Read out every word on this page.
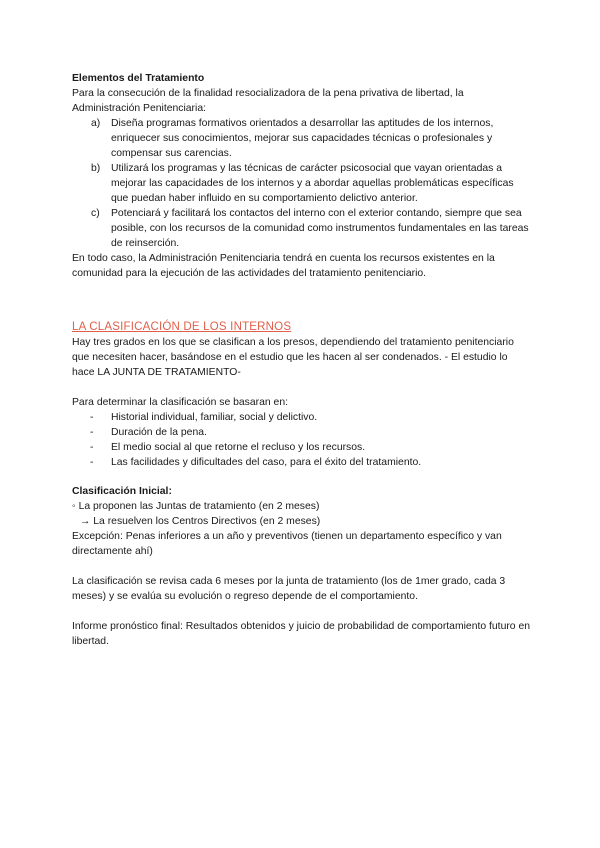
Elementos del Tratamiento

Para la consecución de la finalidad resocializadora de la pena privativa de libertad, la Administración Penitenciaria:

a) Diseña programas formativos orientados a desarrollar las aptitudes de los internos, enriquecer sus conocimientos, mejorar sus capacidades técnicas o profesionales y compensar sus carencias.
b) Utilizará los programas y las técnicas de carácter psicosocial que vayan orientadas a mejorar las capacidades de los internos y a abordar aquellas problemáticas específicas que puedan haber influido en su comportamiento delictivo anterior.
c) Potenciará y facilitará los contactos del interno con el exterior contando, siempre que sea posible, con los recursos de la comunidad como instrumentos fundamentales en las tareas de reinserción.

En todo caso, la Administración Penitenciaria tendrá en cuenta los recursos existentes en la comunidad para la ejecución de las actividades del tratamiento penitenciario.

LA CLASIFICACIÓN DE LOS INTERNOS

Hay tres grados en los que se clasifican a los presos, dependiendo del tratamiento penitenciario que necesiten hacer, basándose en el estudio que les hacen al ser condenados. - El estudio lo hace LA JUNTA DE TRATAMIENTO-

Para determinar la clasificación se basaran en:

- Historial individual, familiar, social y delictivo.
- Duración de la pena.
- El medio social al que retorne el recluso y los recursos.
- Las facilidades y dificultades del caso, para el éxito del tratamiento.

Clasificación Inicial:

◦ La proponen las Juntas de tratamiento (en 2 meses)

→ La resuelven los Centros Directivos (en 2 meses)

Excepción: Penas inferiores a un año y preventivos (tienen un departamento específico y van directamente ahí)

La clasificación se revisa cada 6 meses por la junta de tratamiento (los de 1mer grado, cada 3 meses) y se evalúa su evolución o regreso depende de el comportamiento.

Informe pronóstico final: Resultados obtenidos y juicio de probabilidad de comportamiento futuro en libertad.
